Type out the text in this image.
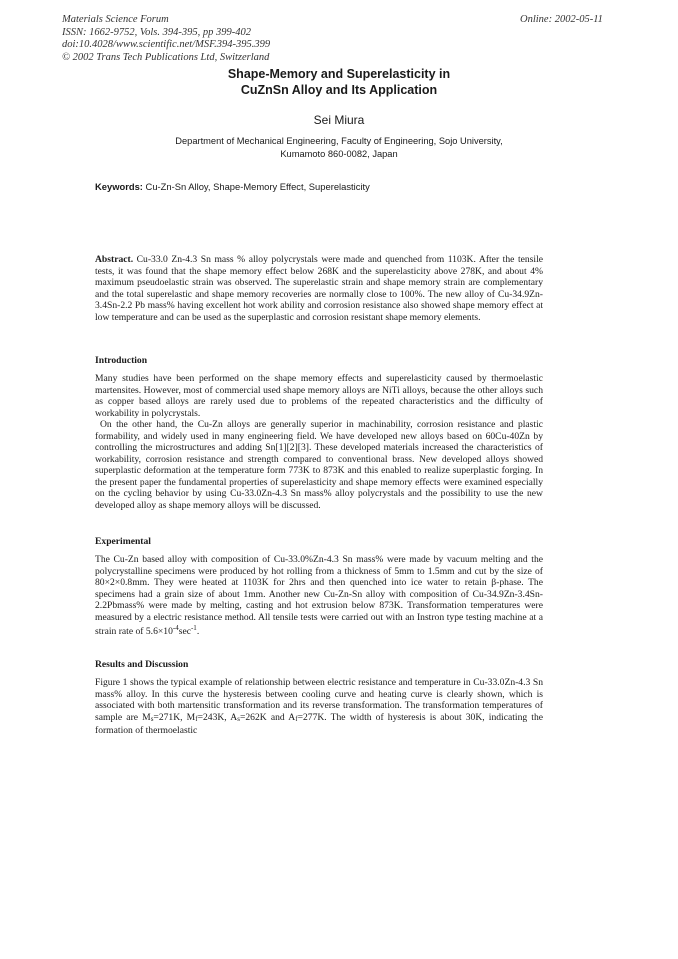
Materials Science Forum
ISSN: 1662-9752, Vols. 394-395, pp 399-402
doi:10.4028/www.scientific.net/MSF.394-395.399
© 2002 Trans Tech Publications Ltd, Switzerland
Online: 2002-05-11
Shape-Memory and Superelasticity in
CuZnSn Alloy and Its Application
Sei Miura
Department of Mechanical Engineering, Faculty of Engineering, Sojo University,
Kumamoto 860-0082, Japan
Keywords: Cu-Zn-Sn Alloy, Shape-Memory Effect, Superelasticity
Abstract. Cu-33.0 Zn-4.3 Sn mass % alloy polycrystals were made and quenched from 1103K. After the tensile tests, it was found that the shape memory effect below 268K and the superelasticity above 278K, and about 4% maximum pseudoelastic strain was observed. The superelastic strain and shape memory strain are complementary and the total superelastic and shape memory recoveries are normally close to 100%. The new alloy of Cu-34.9Zn-3.4Sn-2.2 Pb mass% having excellent hot work ability and corrosion resistance also showed shape memory effect at low temperature and can be used as the superplastic and corrosion resistant shape memory elements.
Introduction
Many studies have been performed on the shape memory effects and superelasticity caused by thermoelastic martensites. However, most of commercial used shape memory alloys are NiTi alloys, because the other alloys such as copper based alloys are rarely used due to problems of the repeated characteristics and the difficulty of workability in polycrystals.
On the other hand, the Cu-Zn alloys are generally superior in machinability, corrosion resistance and plastic formability, and widely used in many engineering field. We have developed new alloys based on 60Cu-40Zn by controlling the microstructures and adding Sn[1][2][3]. These developed materials increased the characteristics of workability, corrosion resistance and strength compared to conventional brass. New developed alloys showed superplastic deformation at the temperature form 773K to 873K and this enabled to realize superplastic forging. In the present paper the fundamental properties of superelasticity and shape memory effects were examined especially on the cycling behavior by using Cu-33.0Zn-4.3 Sn mass% alloy polycrystals and the possibility to use the new developed alloy as shape memory alloys will be discussed.
Experimental
The Cu-Zn based alloy with composition of Cu-33.0%Zn-4.3 Sn mass% were made by vacuum melting and the polycrystalline specimens were produced by hot rolling from a thickness of 5mm to 1.5mm and cut by the size of 80×2×0.8mm. They were heated at 1103K for 2hrs and then quenched into ice water to retain β-phase. The specimens had a grain size of about 1mm. Another new Cu-Zn-Sn alloy with composition of Cu-34.9Zn-3.4Sn-2.2Pbmass% were made by melting, casting and hot extrusion below 873K. Transformation temperatures were measured by a electric resistance method. All tensile tests were carried out with an Instron type testing machine at a strain rate of $5.6\times 10^{-4}\sec^{-1}$.
Results and Discussion
Figure 1 shows the typical example of relationship between electric resistance and temperature in Cu-33.0Zn-4.3 Sn mass% alloy. In this curve the hysteresis between cooling curve and heating curve is clearly shown, which is associated with both martensitic transformation and its reverse transformation. The transformation temperatures of sample are Ms=271K, Mf=243K, As=262K and Af=277K. The width of hysteresis is about 30K, indicating the formation of thermoelastic
